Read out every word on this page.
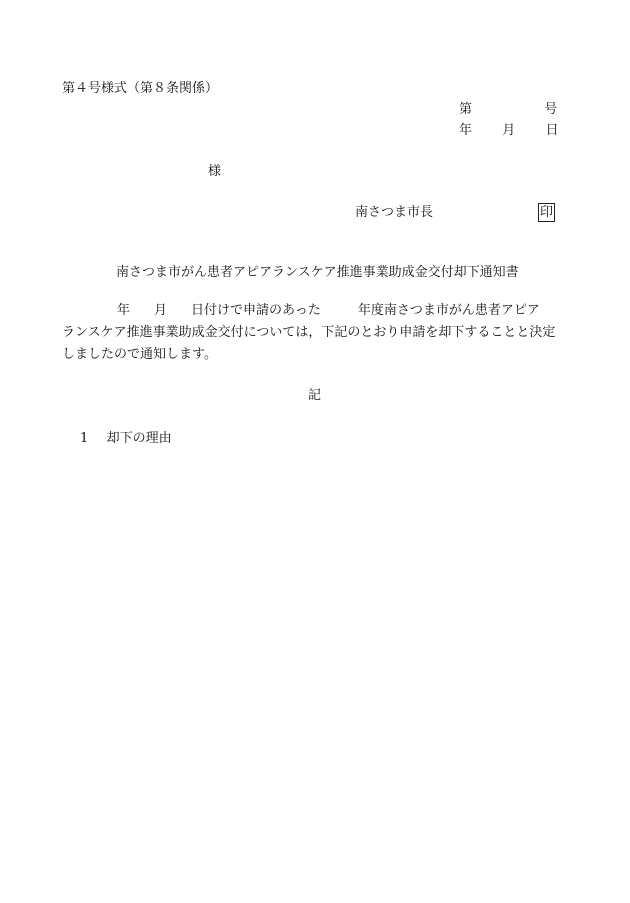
第４号様式（第８条関係）
第	号
年 月 日
様
南さつま市長	印
南さつま市がん患者アピアランスケア推進事業助成金交付却下通知書

年 月 日付けで申請のあった	年度南さつま市がん患者アピア

ランスケア推進事業助成金交付については，下記のとおり申請を却下することと決定

しましたので通知します。

記
1 却下の理由
